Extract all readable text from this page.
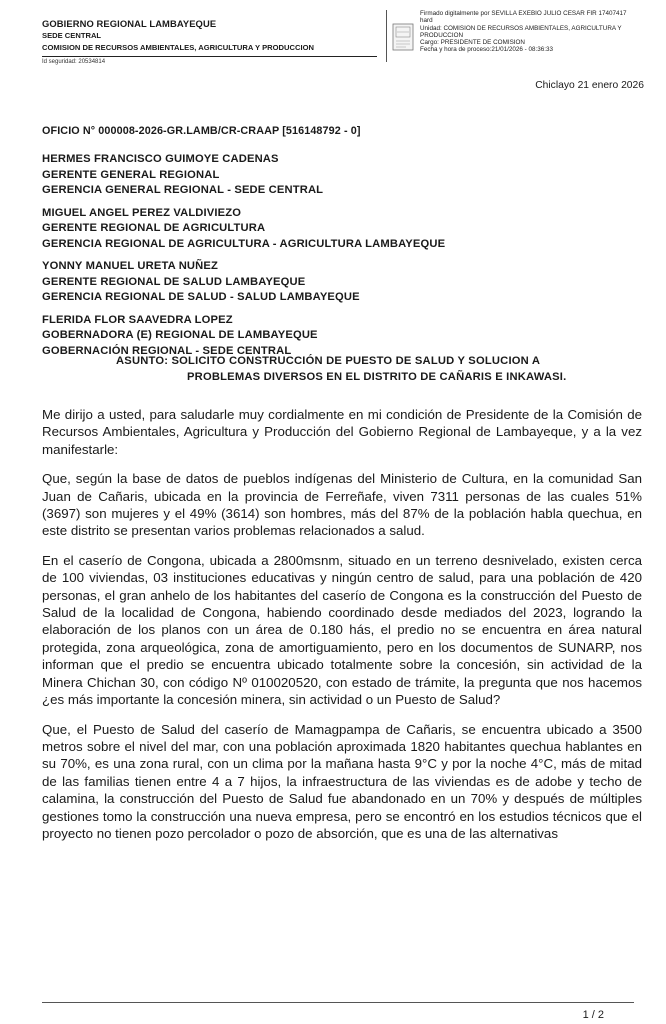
GOBIERNO REGIONAL LAMBAYEQUE
SEDE CENTRAL
COMISION DE RECURSOS AMBIENTALES, AGRICULTURA Y PRODUCCION
Id seguridad: 20534814
Firmado digitalmente por SEVILLA EXEBIO JULIO CESAR FIR 17407417
hard
Unidad: COMISION DE RECURSOS AMBIENTALES, AGRICULTURA Y
PRODUCCION
Cargo: PRESIDENTE DE COMISION
Fecha y hora de proceso:21/01/2026 - 08:36:33
Chiclayo 21 enero 2026
OFICIO N° 000008-2026-GR.LAMB/CR-CRAAP [516148792 - 0]
HERMES FRANCISCO GUIMOYE CADENAS
GERENTE GENERAL REGIONAL
GERENCIA GENERAL REGIONAL - SEDE CENTRAL
MIGUEL ANGEL PEREZ VALDIVIEZO
GERENTE REGIONAL DE AGRICULTURA
GERENCIA REGIONAL DE AGRICULTURA - AGRICULTURA LAMBAYEQUE
YONNY MANUEL URETA NUÑEZ
GERENTE REGIONAL DE SALUD LAMBAYEQUE
GERENCIA REGIONAL DE SALUD - SALUD LAMBAYEQUE
FLERIDA FLOR SAAVEDRA LOPEZ
GOBERNADORA (E) REGIONAL DE LAMBAYEQUE
GOBERNACIÓN REGIONAL - SEDE CENTRAL
ASUNTO: SOLICITO CONSTRUCCIÓN DE PUESTO DE SALUD Y SOLUCION A
PROBLEMAS DIVERSOS EN EL DISTRITO DE CAÑARIS E INKAWASI.

Me dirijo a usted, para saludarle muy cordialmente en mi condición de Presidente de la Comisión de Recursos Ambientales, Agricultura y Producción del Gobierno Regional de Lambayeque, y a la vez manifestarle:

Que, según la base de datos de pueblos indígenas del Ministerio de Cultura, en la comunidad San Juan de Cañaris, ubicada en la provincia de Ferreñafe, viven 7311 personas de las cuales 51% (3697) son mujeres y el 49% (3614) son hombres, más del 87% de la población habla quechua, en este distrito se presentan varios problemas relacionados a salud.

En el caserío de Congona, ubicada a 2800msnm, situado en un terreno desnivelado, existen cerca de 100 viviendas, 03 instituciones educativas y ningún centro de salud, para una población de 420 personas, el gran anhelo de los habitantes del caserío de Congona es la construcción del Puesto de Salud de la localidad de Congona, habiendo coordinado desde mediados del 2023, logrando la elaboración de los planos con un área de 0.180 hás, el predio no se encuentra en área natural protegida, zona arqueológica, zona de amortiguamiento, pero en los documentos de SUNARP, nos informan que el predio se encuentra ubicado totalmente sobre la concesión, sin actividad de la Minera Chichan 30, con código Nº 010020520, con estado de trámite, la pregunta que nos hacemos ¿es más importante la concesión minera, sin actividad o un Puesto de Salud?

Que, el Puesto de Salud del caserío de Mamagpampa de Cañaris, se encuentra ubicado a 3500 metros sobre el nivel del mar, con una población aproximada 1820 habitantes quechua hablantes en su 70%, es una zona rural, con un clima por la mañana hasta 9°C y por la noche 4°C, más de mitad de las familias tienen entre 4 a 7 hijos, la infraestructura de las viviendas es de adobe y techo de calamina, la construcción del Puesto de Salud fue abandonado en un 70% y después de múltiples gestiones tomo la construcción una nueva empresa, pero se encontró en los estudios técnicos que el proyecto no tienen pozo percolador o pozo de absorción, que es una de las alternativas

1 / 2
